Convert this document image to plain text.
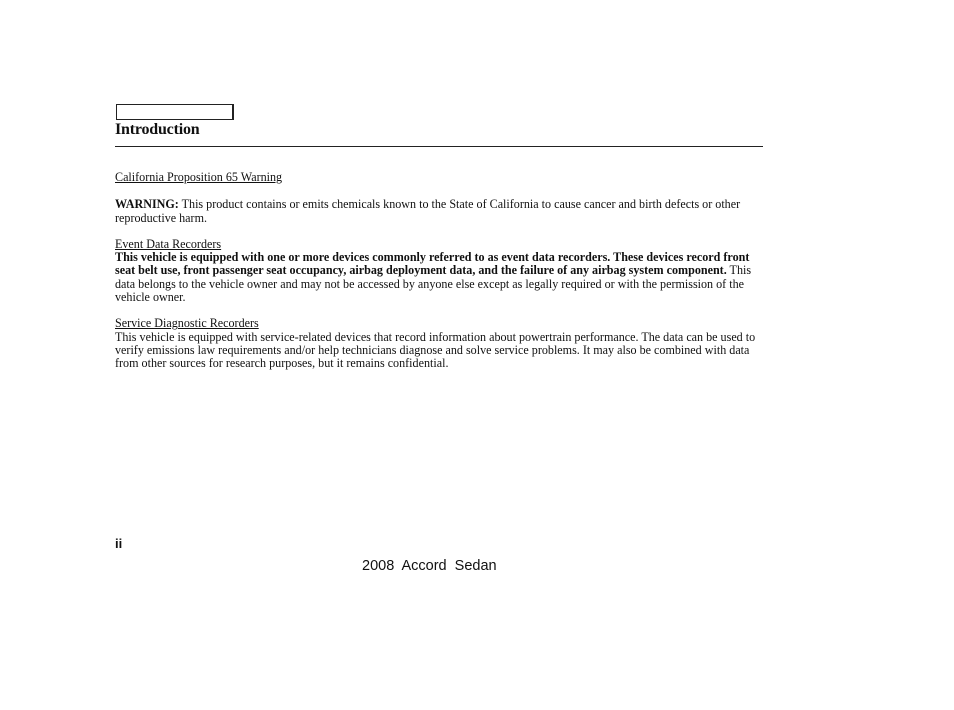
Introduction
California Proposition 65 Warning

WARNING: This product contains or emits chemicals known to the State of California to cause cancer and birth defects or other reproductive harm.

Event Data Recorders

This vehicle is equipped with one or more devices commonly referred to as event data recorders. These devices record front seat belt use, front passenger seat occupancy, airbag deployment data, and the failure of any airbag system component. This data belongs to the vehicle owner and may not be accessed by anyone else except as legally required or with the permission of the vehicle owner.

Service Diagnostic Recorders

This vehicle is equipped with service-related devices that record information about powertrain performance. The data can be used to verify emissions law requirements and/or help technicians diagnose and solve service problems. It may also be combined with data from other sources for research purposes, but it remains confidential.

ii
2008 Accord Sedan
